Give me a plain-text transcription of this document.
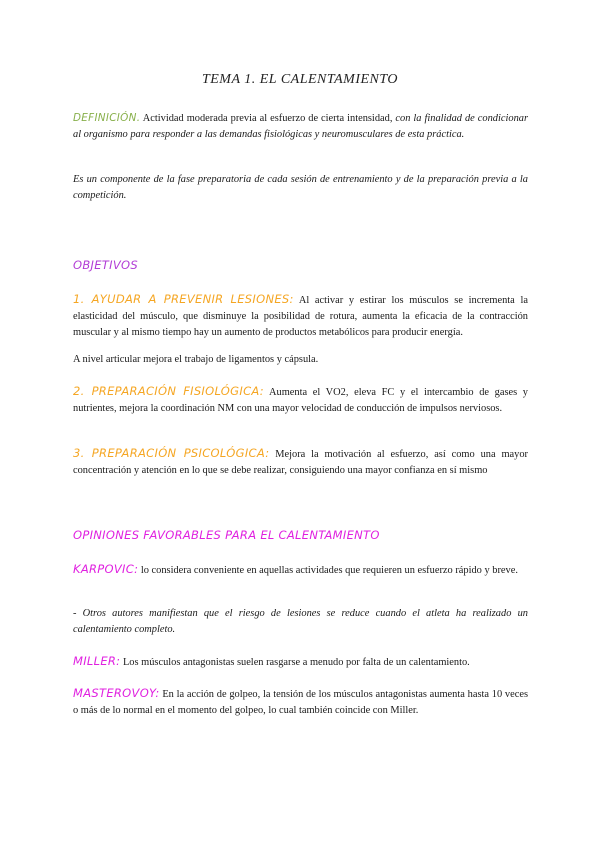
TEMA 1. EL CALENTAMIENTO
DEFINICIÓN. Actividad moderada previa al esfuerzo de cierta intensidad, con la finalidad de condicionar al organismo para responder a las demandas fisiológicas y neuromusculares de esta práctica.
Es un componente de la fase preparatoria de cada sesión de entrenamiento y de la preparación previa a la competición.
OBJETIVOS
1. AYUDAR A PREVENIR LESIONES: Al activar y estirar los músculos se incrementa la elasticidad del músculo, que disminuye la posibilidad de rotura, aumenta la eficacia de la contracción muscular y al mismo tiempo hay un aumento de productos metabólicos para producir energía.
A nivel articular mejora el trabajo de ligamentos y cápsula.
2. PREPARACIÓN FISIOLÓGICA: Aumenta el VO2, eleva FC y el intercambio de gases y nutrientes, mejora la coordinación NM con una mayor velocidad de conducción de impulsos nerviosos.
3. PREPARACIÓN PSICOLÓGICA: Mejora la motivación al esfuerzo, así como una mayor concentración y atención en lo que se debe realizar, consiguiendo una mayor confianza en sí mismo
OPINIONES FAVORABLES PARA EL CALENTAMIENTO
KARPOVIC: lo considera conveniente en aquellas actividades que requieren un esfuerzo rápido y breve.
- Otros autores manifiestan que el riesgo de lesiones se reduce cuando el atleta ha realizado un calentamiento completo.
MILLER: Los músculos antagonistas suelen rasgarse a menudo por falta de un calentamiento.
MASTEROVOY: En la acción de golpeo, la tensión de los músculos antagonistas aumenta hasta 10 veces o más de lo normal en el momento del golpeo, lo cual también coincide con Miller.
